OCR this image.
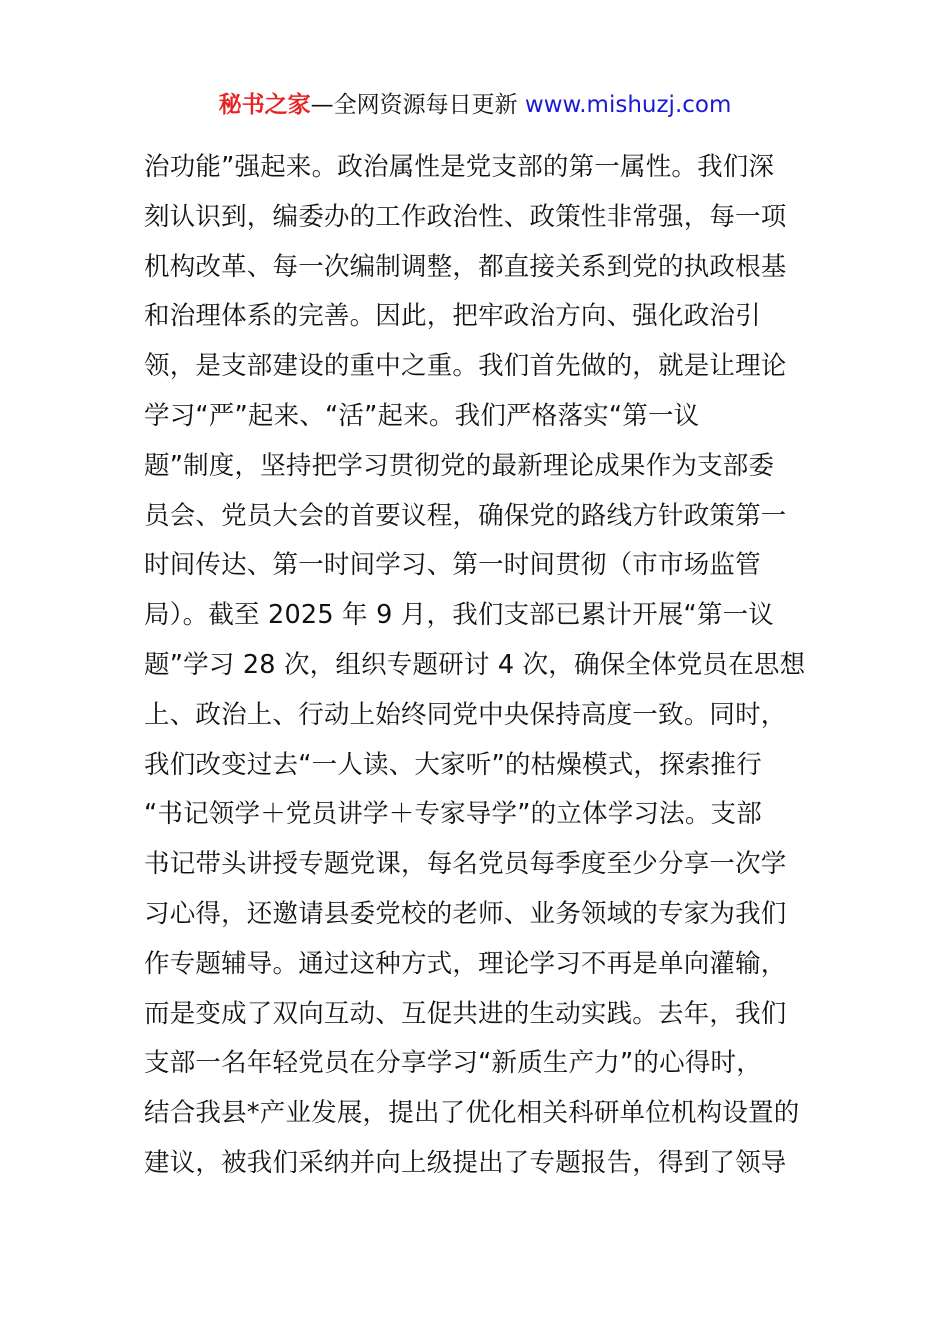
秘书之家—全网资源每日更新 www.mishuzj.com
治功能”强起来。政治属性是党支部的第一属性。我们深
刻认识到，编委办的工作政治性、政策性非常强，每一项
机构改革、每一次编制调整，都直接关系到党的执政根基
和治理体系的完善。因此，把牢政治方向、强化政治引
领，是支部建设的重中之重。我们首先做的，就是让理论
学习“严”起来、“活”起来。我们严格落实“第一议
题”制度，坚持把学习贯彻党的最新理论成果作为支部委
员会、党员大会的首要议程，确保党的路线方针政策第一
时间传达、第一时间学习、第一时间贯彻（市市场监管
局）。截至 2025 年 9 月，我们支部已累计开展“第一议
题”学习 28 次，组织专题研讨 4 次，确保全体党员在思想
上、政治上、行动上始终同党中央保持高度一致。同时，
我们改变过去“一人读、大家听”的枯燥模式，探索推行
“书记领学＋党员讲学＋专家导学”的立体学习法。支部
书记带头讲授专题党课，每名党员每季度至少分享一次学
习心得，还邀请县委党校的老师、业务领域的专家为我们
作专题辅导。通过这种方式，理论学习不再是单向灌输，
而是变成了双向互动、互促共进的生动实践。去年，我们
支部一名年轻党员在分享学习“新质生产力”的心得时，
结合我县*产业发展，提出了优化相关科研单位机构设置的
建议，被我们采纳并向上级提出了专题报告，得到了领导
